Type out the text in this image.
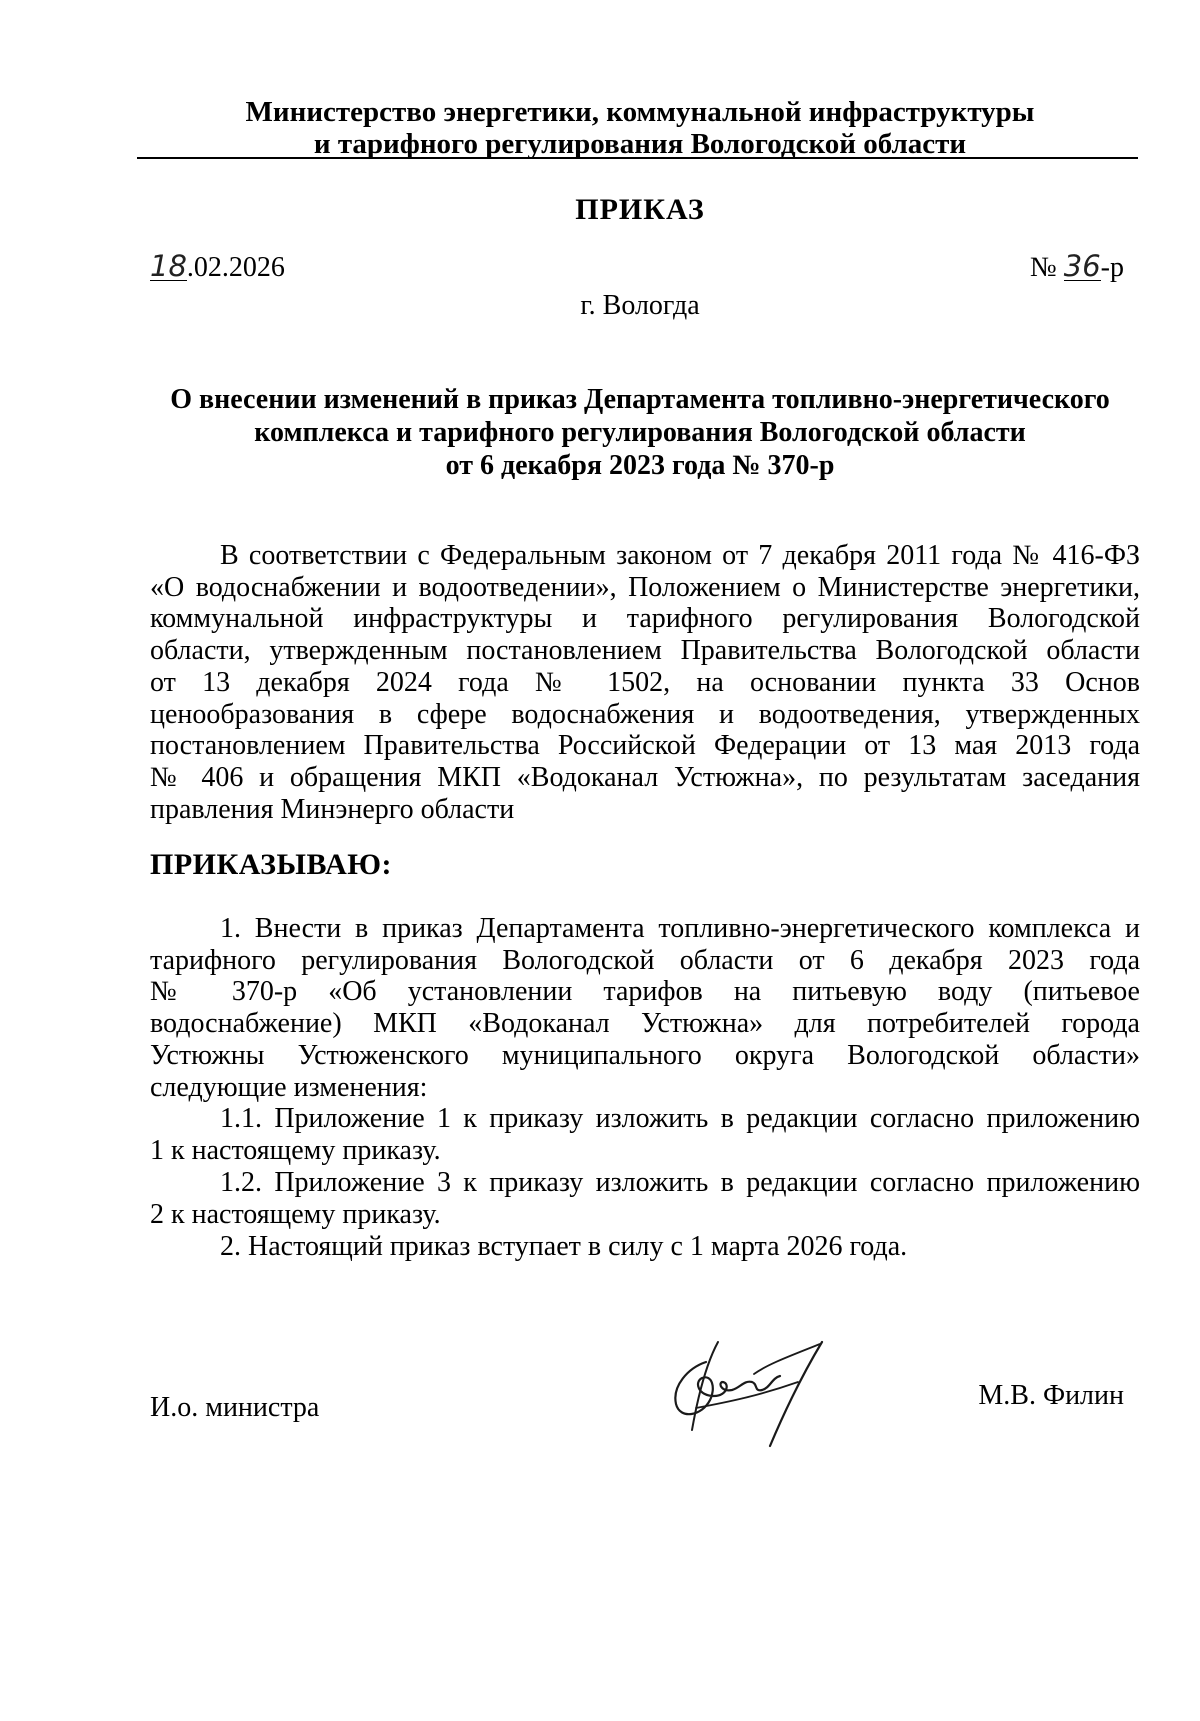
Министерство энергетики, коммунальной инфраструктуры
и тарифного регулирования Вологодской области
ПРИКАЗ
18.02.2026	№ 36-р
г. Вологда
О внесении изменений в приказ Департамента топливно-энергетического
комплекса и тарифного регулирования Вологодской области
от 6 декабря 2023 года № 370-р
В соответствии с Федеральным законом от 7 декабря 2011 года № 416-ФЗ
«О водоснабжении и водоотведении», Положением о Министерстве энергетики,
коммунальной инфраструктуры и тарифного регулирования Вологодской
области, утвержденным постановлением Правительства Вологодской области
от 13 декабря 2024 года № 1502, на основании пункта 33 Основ
ценообразования в сфере водоснабжения и водоотведения, утвержденных
постановлением Правительства Российской Федерации от 13 мая 2013 года
№ 406 и обращения МКП «Водоканал Устюжна», по результатам заседания
правления Минэнерго области
ПРИКАЗЫВАЮ:
1. Внести в приказ Департамента топливно-энергетического комплекса и
тарифного регулирования Вологодской области от 6 декабря 2023 года
№ 370-р «Об установлении тарифов на питьевую воду (питьевое
водоснабжение) МКП «Водоканал Устюжна» для потребителей города
Устюжны Устюженского муниципального округа Вологодской области»
следующие изменения:
1.1. Приложение 1 к приказу изложить в редакции согласно приложению
1 к настоящему приказу.
1.2. Приложение 3 к приказу изложить в редакции согласно приложению
2 к настоящему приказу.
2. Настоящий приказ вступает в силу с 1 марта 2026 года.
И.о. министра	М.В. Филин
